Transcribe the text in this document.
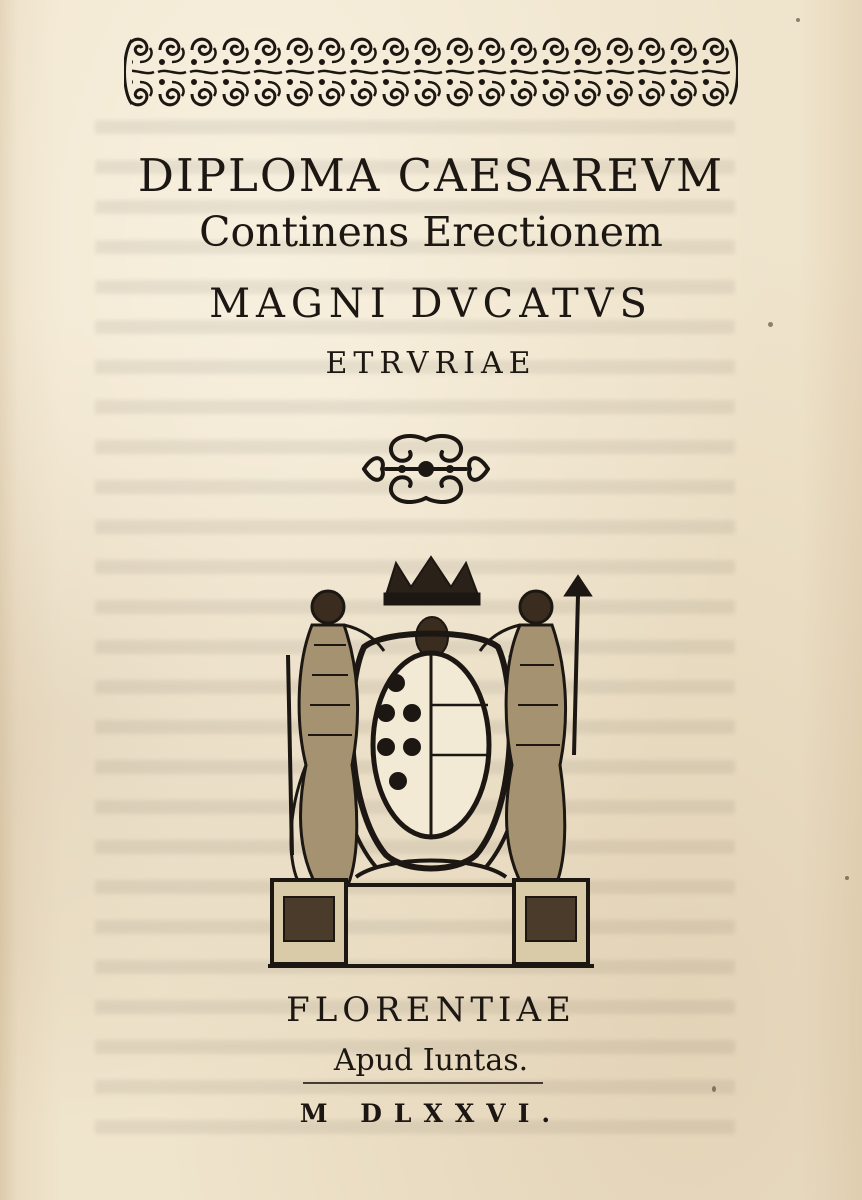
DIPLOMA CAESAREVM
Continens Erectionem
MAGNI DVCATVS
ETRVRIAE
FLORENTIAE
Apud Iuntas.
M DLXXVI.
